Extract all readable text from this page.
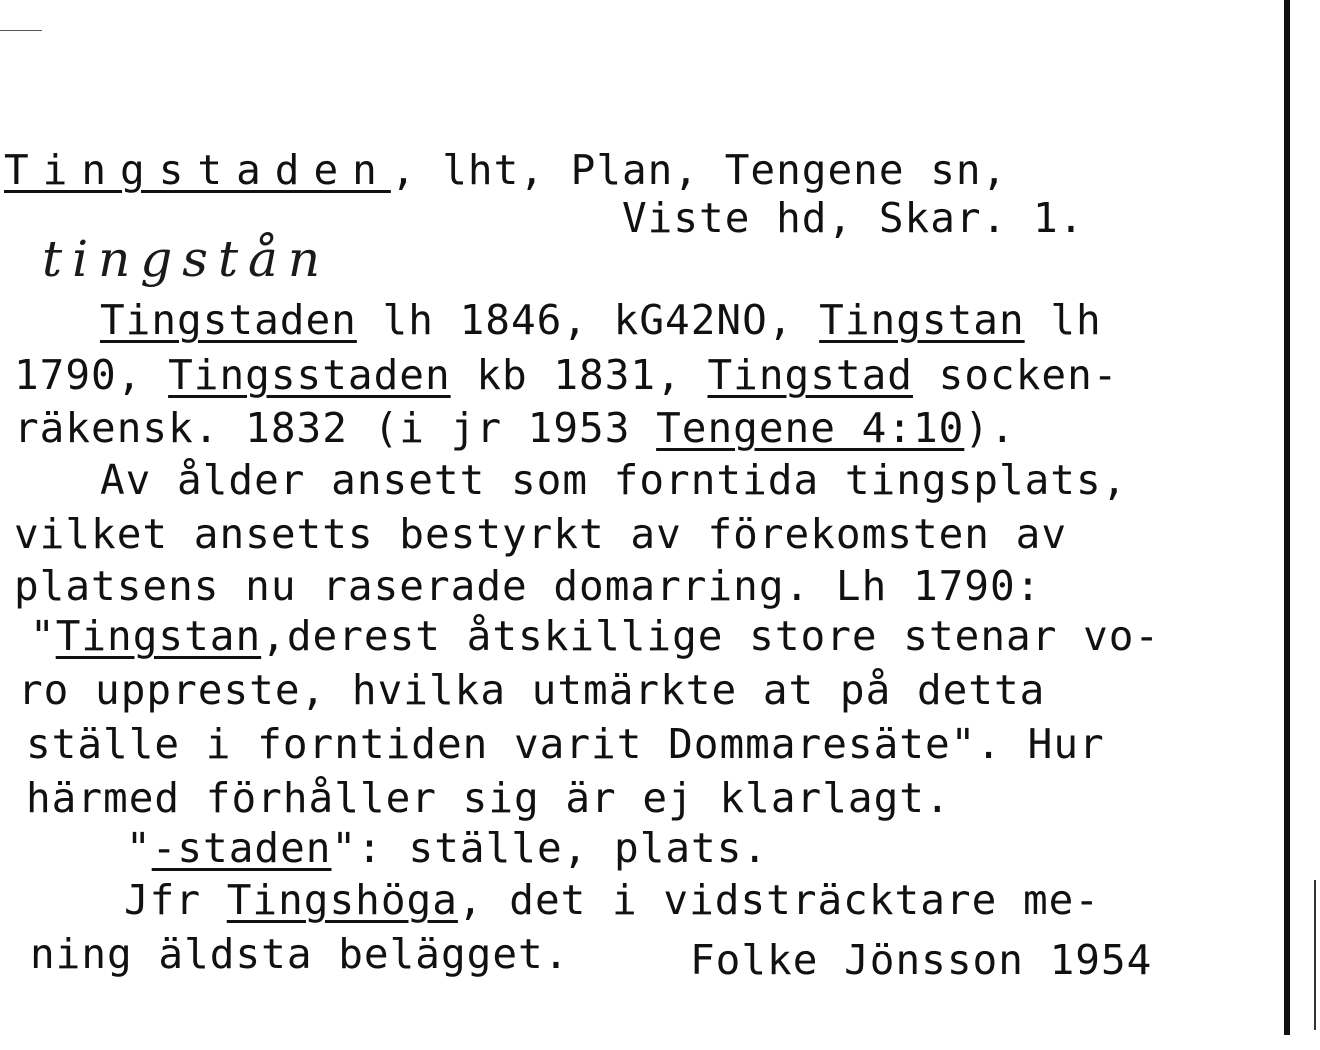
Tingstaden, lht, Plan, Tengene sn,
Viste hd, Skar. 1.
tingstån
Tingstaden lh 1846, kG42NO, Tingstan lh
1790, Tingsstaden kb 1831, Tingstad socken-
räkensk. 1832 (i jr 1953 Tengene 4:10).
Av ålder ansett som forntida tingsplats,
vilket ansetts bestyrkt av förekomsten av
platsens nu raserade domarring. Lh 1790:
"Tingstan,derest åtskillige store stenar vo-
ro uppreste, hvilka utmärkte at på detta
ställe i forntiden varit Dommaresäte". Hur
härmed förhåller sig är ej klarlagt.
"-staden": ställe, plats.
Jfr Tingshöga, det i vidsträcktare me-
ning äldsta belägget.	Folke Jönsson 1954
